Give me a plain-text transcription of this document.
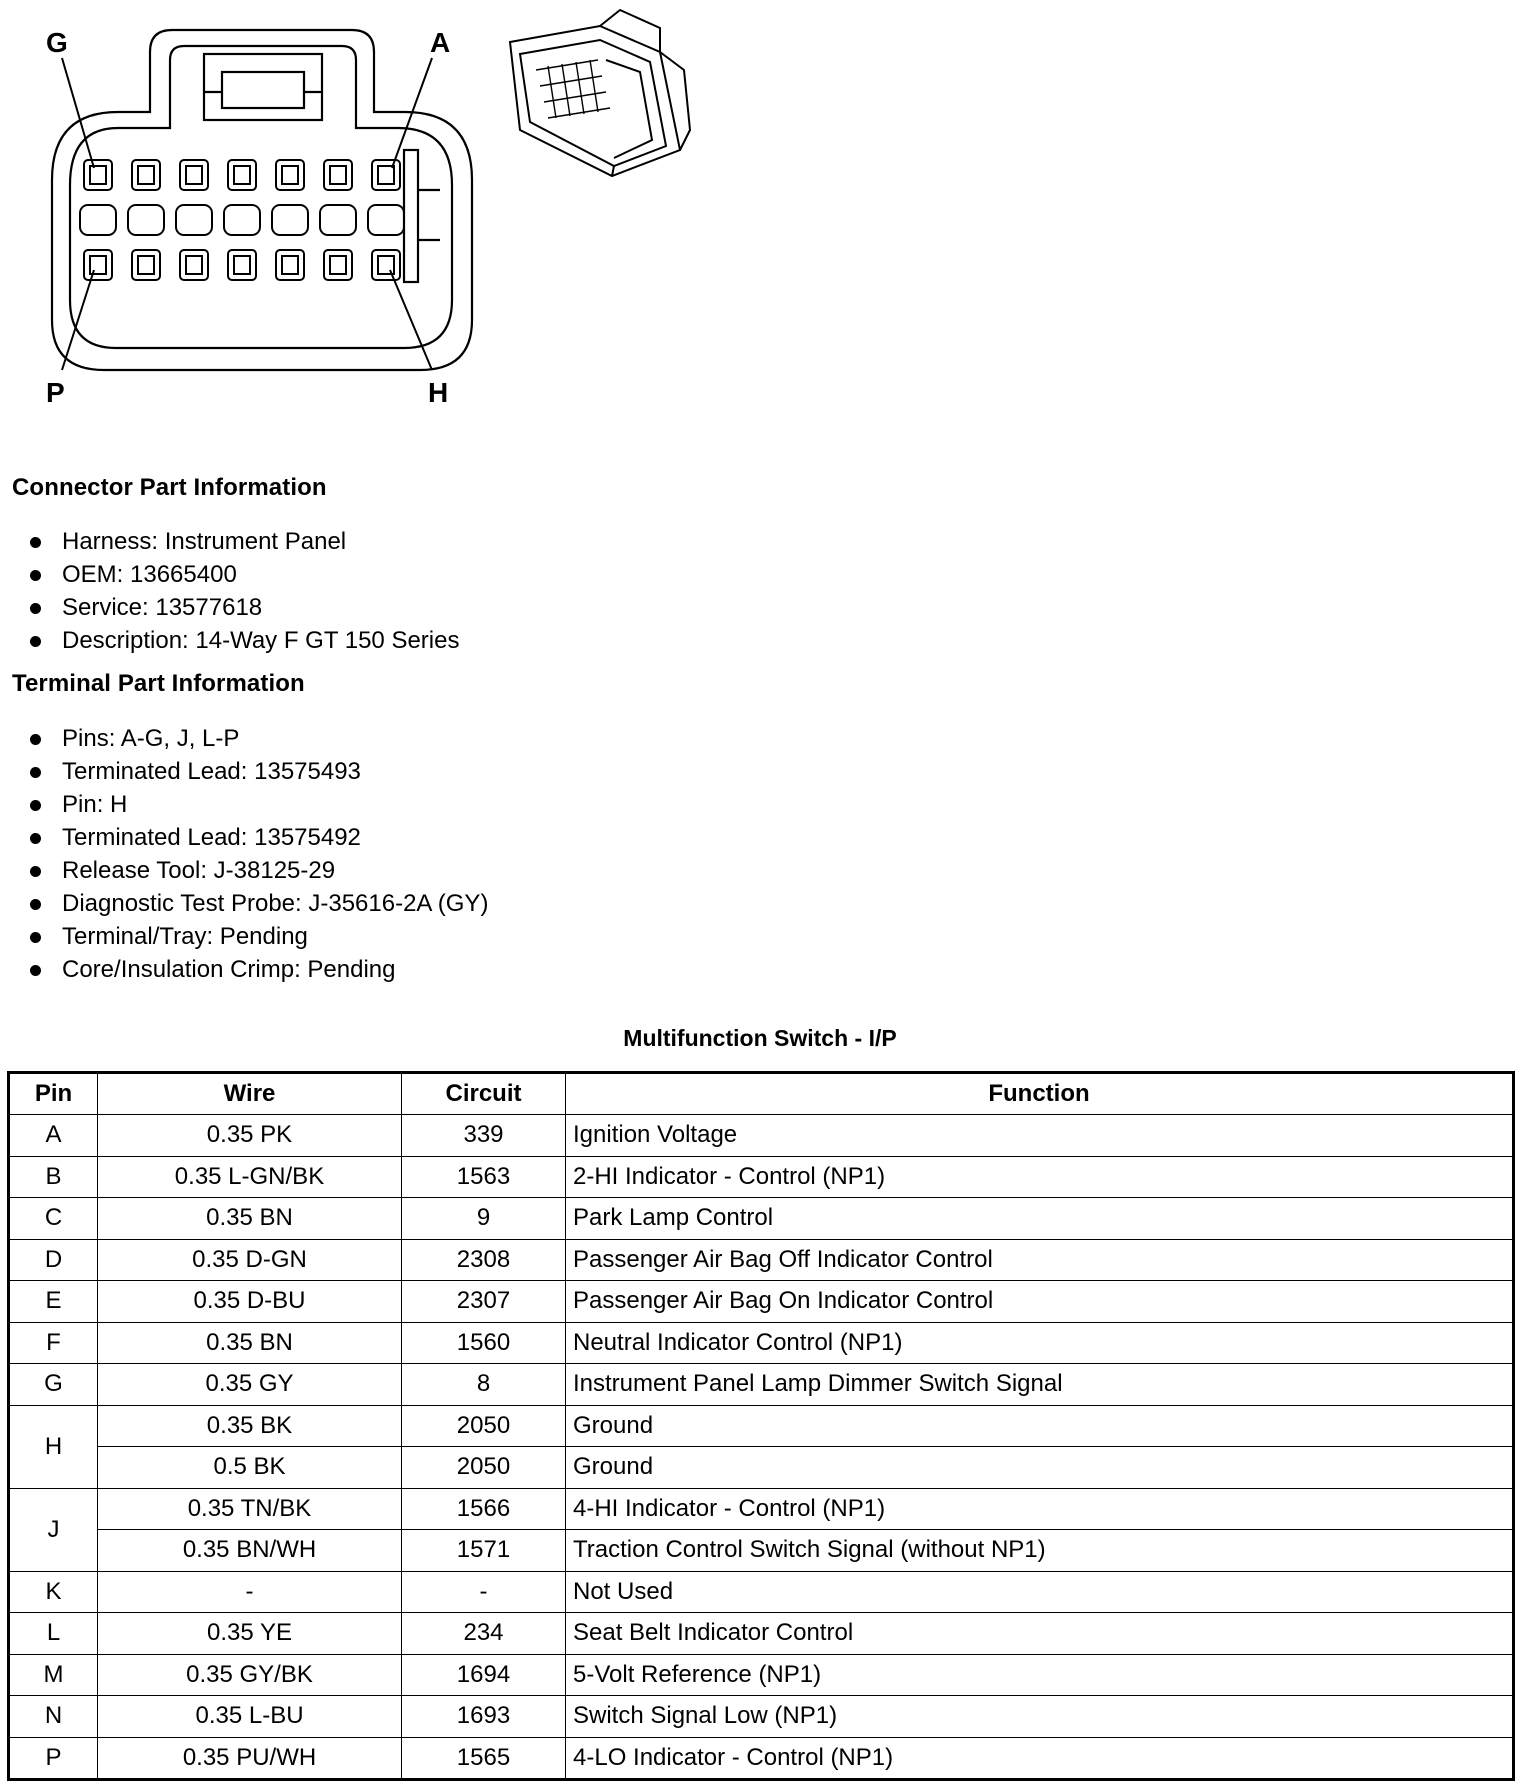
G	A
P	H
Connector Part Information
Harness: Instrument Panel
OEM: 13665400
Service: 13577618
Description: 14-Way F GT 150 Series
Terminal Part Information
Pins: A-G, J, L-P
Terminated Lead: 13575493
Pin: H
Terminated Lead: 13575492
Release Tool: J-38125-29
Diagnostic Test Probe: J-35616-2A (GY)
Terminal/Tray: Pending
Core/Insulation Crimp: Pending
Multifunction Switch - I/P
Pin	Wire	Circuit	Function
A	0.35 PK	339	Ignition Voltage
B	0.35 L-GN/BK	1563	2-HI Indicator - Control (NP1)
C	0.35 BN	9	Park Lamp Control
D	0.35 D-GN	2308	Passenger Air Bag Off Indicator Control
E	0.35 D-BU	2307	Passenger Air Bag On Indicator Control
F	0.35 BN	1560	Neutral Indicator Control (NP1)
G	0.35 GY	8	Instrument Panel Lamp Dimmer Switch Signal
H	0.35 BK	2050	Ground
	0.5 BK	2050	Ground
J	0.35 TN/BK	1566	4-HI Indicator - Control (NP1)
	0.35 BN/WH	1571	Traction Control Switch Signal (without NP1)
K	-	-	Not Used
L	0.35 YE	234	Seat Belt Indicator Control
M	0.35 GY/BK	1694	5-Volt Reference (NP1)
N	0.35 L-BU	1693	Switch Signal Low (NP1)
P	0.35 PU/WH	1565	4-LO Indicator - Control (NP1)
